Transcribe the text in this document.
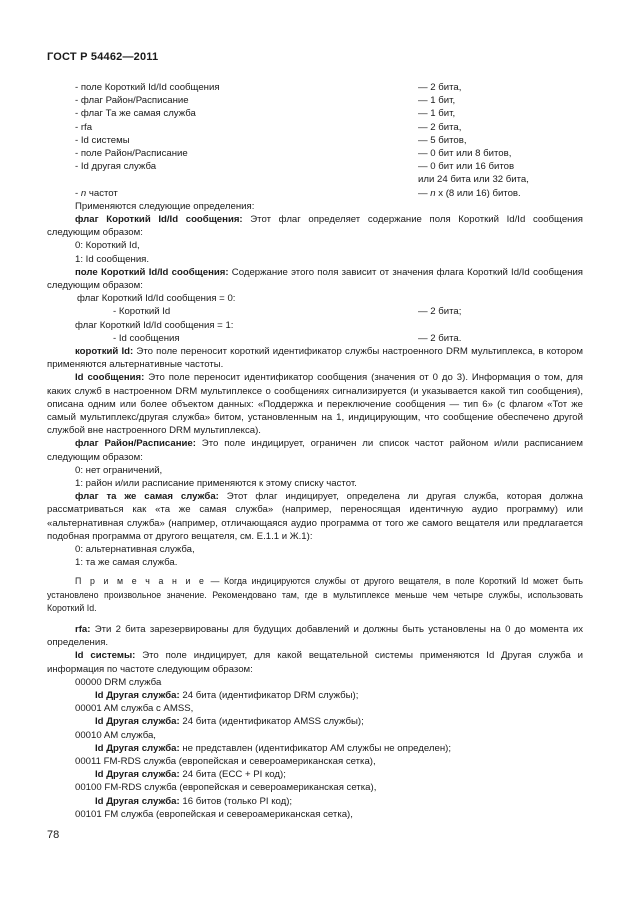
ГОСТ Р 54462—2011
- поле Короткий Id/Id сообщения	— 2 бита,
- флаг Район/Расписание	— 1 бит,
- флаг Та же самая служба	— 1 бит,
- rfa	— 2 бита,
- Id системы	— 5 битов,
- поле Район/Расписание	— 0 бит или 8 битов,
- Id другая служба	— 0 бит или 16 битов
или 24 бита или 32 бита,
- n частот	— n x (8 или 16) битов.

Применяются следующие определения:

флаг Короткий Id/Id сообщения: Этот флаг определяет содержание поля Короткий Id/Id сообщения следующим образом:

0: Короткий Id,

1: Id сообщения.

поле Короткий Id/Id сообщения: Содержание этого поля зависит от значения флага Короткий Id/Id сообщения следующим образом:

флаг Короткий Id/Id сообщения = 0:

- Короткий Id	— 2 бита;

флаг Короткий Id/Id сообщения = 1:

- Id сообщения	— 2 бита.

короткий Id: Это поле переносит короткий идентификатор службы настроенного DRM мультиплекса, в котором применяются альтернативные частоты.

Id сообщения: Это поле переносит идентификатор сообщения (значения от 0 до 3). Информация о том, для каких служб в настроенном DRM мультиплексе о сообщениях сигнализируется (и указывается какой тип сообщения), описана одним или более объектом данных: «Поддержка и переключение сообщения — тип 6» (с флагом «Тот же самый мультиплекс/другая служба» битом, установленным на 1, индицирующим, что сообщение обеспечено другой службой вне настроенного DRM мультиплекса).

флаг Район/Расписание: Это поле индицирует, ограничен ли список частот районом и/или расписанием следующим образом:

0: нет ограничений,

1: район и/или расписание применяются к этому списку частот.

флаг та же самая служба: Этот флаг индицирует, определена ли другая служба, которая должна рассматриваться как «та же самая служба» (например, переносящая идентичную аудио программу) или «альтернативная служба» (например, отличающаяся аудио программа от того же самого вещателя или предлагается подобная программа от другого вещателя, см. Е.1.1 и Ж.1):

0: альтернативная служба,

1: та же самая служба.

П р и м е ч а н и е — Когда индицируются службы от другого вещателя, в поле Короткий Id может быть установлено произвольное значение. Рекомендовано там, где в мультиплексе меньше чем четыре службы, использовать Короткий Id.

rfa: Эти 2 бита зарезервированы для будущих добавлений и должны быть установлены на 0 до момента их определения.

Id системы: Это поле индицирует, для какой вещательной системы применяются Id Другая служба и информация по частоте следующим образом:

00000 DRM служба

Id Другая служба: 24 бита (идентификатор DRM службы);

00001 AM служба с AMSS,

Id Другая служба: 24 бита (идентификатор AMSS службы);

00010 AM служба,

Id Другая служба: не представлен (идентификатор AM службы не определен);

00011 FM-RDS служба (европейская и североамериканская сетка),

Id Другая служба: 24 бита (ECC + PI код);

00100 FM-RDS служба (европейская и североамериканская сетка),

Id Другая служба: 16 битов (только PI код);

00101 FM служба (европейская и североамериканская сетка),

78
